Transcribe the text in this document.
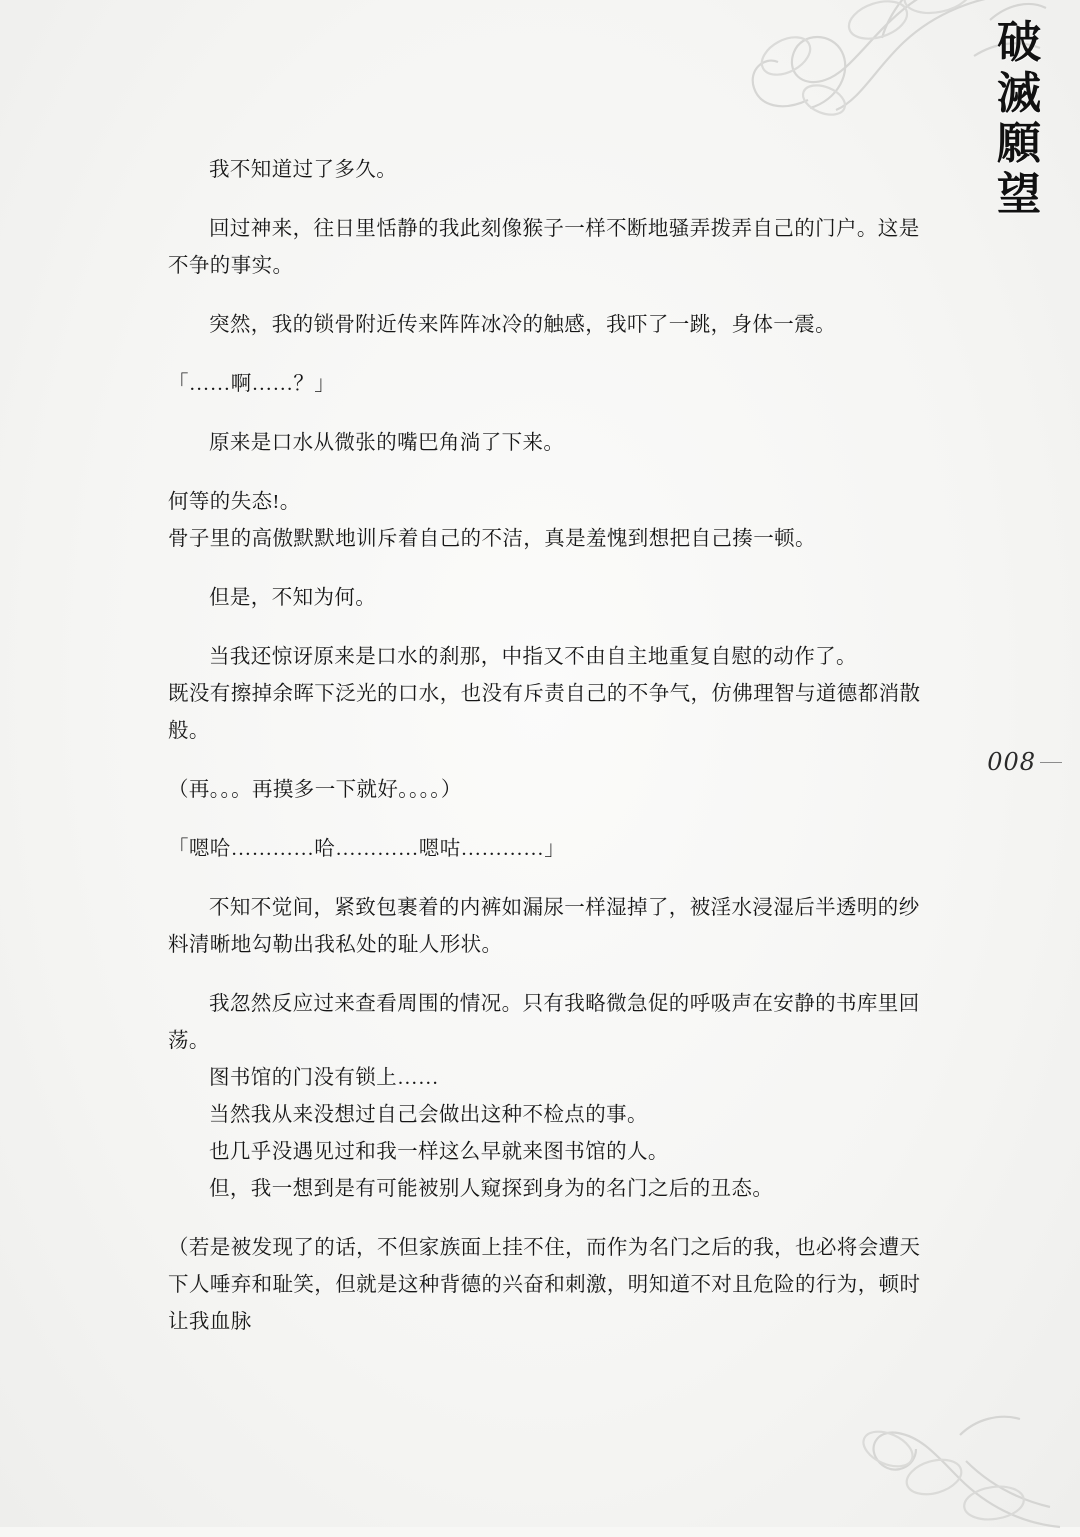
破
滅
願
望
008

我不知道过了多久。

回过神来，往日里恬静的我此刻像猴子一样不断地骚弄拨弄自己的门户。这是不争的事实。

突然，我的锁骨附近传来阵阵冰冷的触感，我吓了一跳，身体一震。

「……啊……？」

原来是口水从微张的嘴巴角淌了下来。

何等的失态!。

骨子里的高傲默默地训斥着自己的不洁，真是羞愧到想把自己揍一顿。

但是，不知为何。

当我还惊讶原来是口水的刹那，中指又不由自主地重复自慰的动作了。

既没有擦掉余晖下泛光的口水，也没有斥责自己的不争气，仿佛理智与道德都消散般。

（再。。。再摸多一下就好。。。。）

「嗯哈…………哈…………嗯咕…………」

不知不觉间，紧致包裹着的内裤如漏尿一样湿掉了，被淫水浸湿后半透明的纱料清晰地勾勒出我私处的耻人形状。

我忽然反应过来查看周围的情况。只有我略微急促的呼吸声在安静的书库里回荡。

图书馆的门没有锁上……

当然我从来没想过自己会做出这种不检点的事。

也几乎没遇见过和我一样这么早就来图书馆的人。

但，我一想到是有可能被别人窥探到身为的名门之后的丑态。

（若是被发现了的话，不但家族面上挂不住，而作为名门之后的我，也必将会遭天下人唾弃和耻笑，但就是这种背德的兴奋和刺激，明知道不对且危险的行为，顿时让我血脉
